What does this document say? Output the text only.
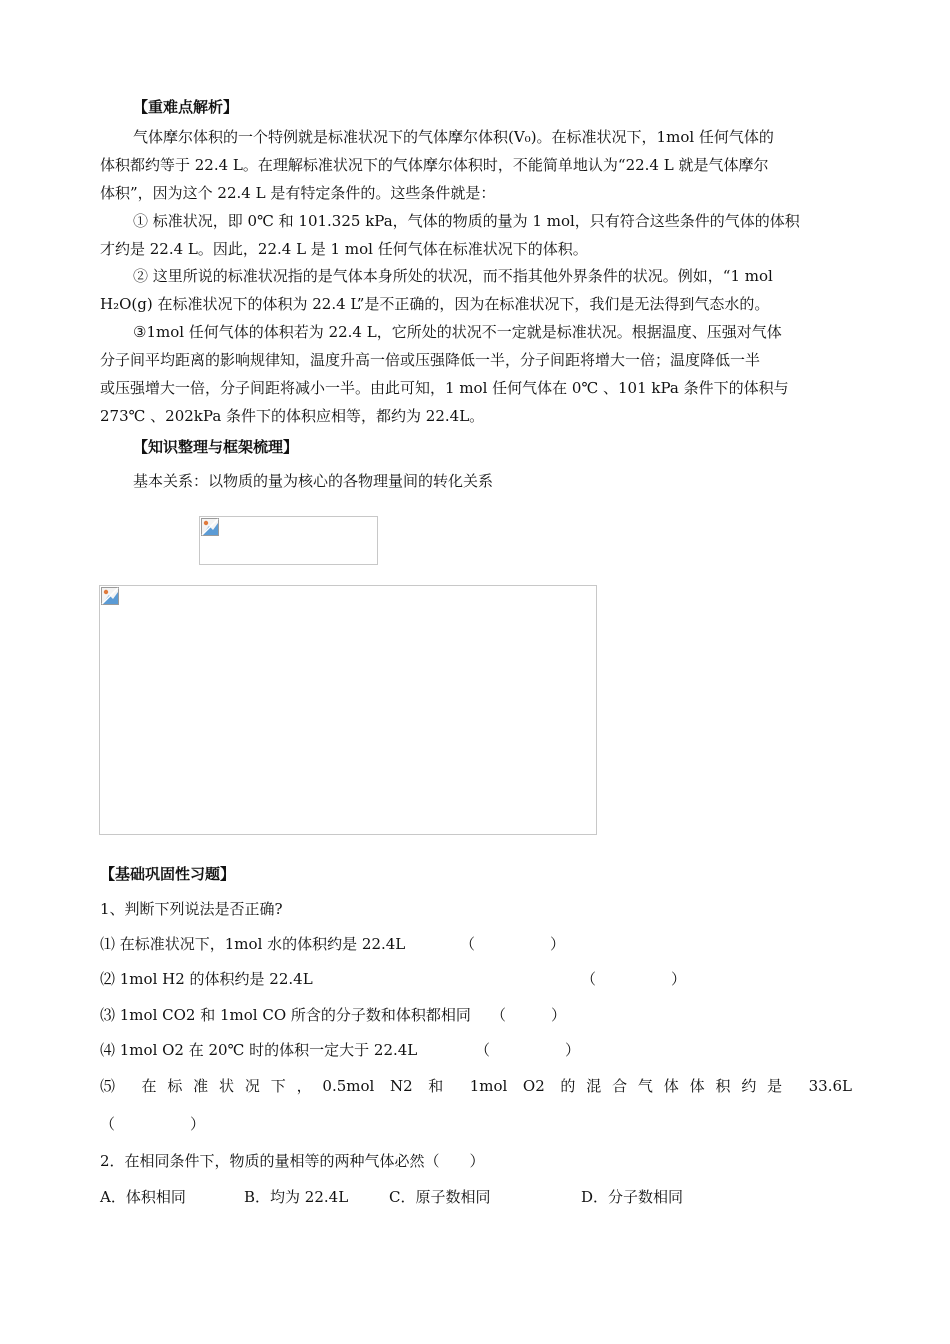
【重难点解析】
气体摩尔体积的一个特例就是标准状况下的气体摩尔体积(V₀)。在标准状况下，1mol 任何气体的
体积都约等于 22.4 L。在理解标准状况下的气体摩尔体积时，不能简单地认为“22.4 L 就是气体摩尔
体积”，因为这个 22.4 L 是有特定条件的。这些条件就是：
① 标准状况，即 0℃ 和 101.325 kPa，气体的物质的量为 1 mol，只有符合这些条件的气体的体积
才约是 22.4 L。因此，22.4 L 是 1 mol 任何气体在标准状况下的体积。
② 这里所说的标准状况指的是气体本身所处的状况，而不指其他外界条件的状况。例如，“1 mol
H₂O(g) 在标准状况下的体积为 22.4 L”是不正确的，因为在标准状况下，我们是无法得到气态水的。
③1mol 任何气体的体积若为 22.4 L，它所处的状况不一定就是标准状况。根据温度、压强对气体
分子间平均距离的影响规律知，温度升高一倍或压强降低一半，分子间距将增大一倍；温度降低一半
或压强增大一倍，分子间距将减小一半。由此可知，1 mol 任何气体在 0℃ 、101 kPa 条件下的体积与
273℃ 、202kPa 条件下的体积应相等，都约为 22.4L。
【知识整理与框架梳理】
基本关系：以物质的量为核心的各物理量间的转化关系
【基础巩固性习题】
1、判断下列说法是否正确?
⑴ 在标准状况下，1mol 水的体积约是 22.4L	（　　　　　）
⑵ 1mol H2 的体积约是 22.4L	（　　　　　）
⑶ 1mol CO2 和 1mol CO 所含的分子数和体积都相同 （　　　）
⑷ 1mol O2 在 20℃ 时的体积一定大于 22.4L	（　　　　　）
⑸ 在标准状况下，0.5mol N2 和 1mol O2 的混合气体体积约是 33.6L
（　　　　　）
2．在相同条件下，物质的量相等的两种气体必然（　　）
A．体积相同	B．均为 22.4L	C．原子数相同	D．分子数相同
